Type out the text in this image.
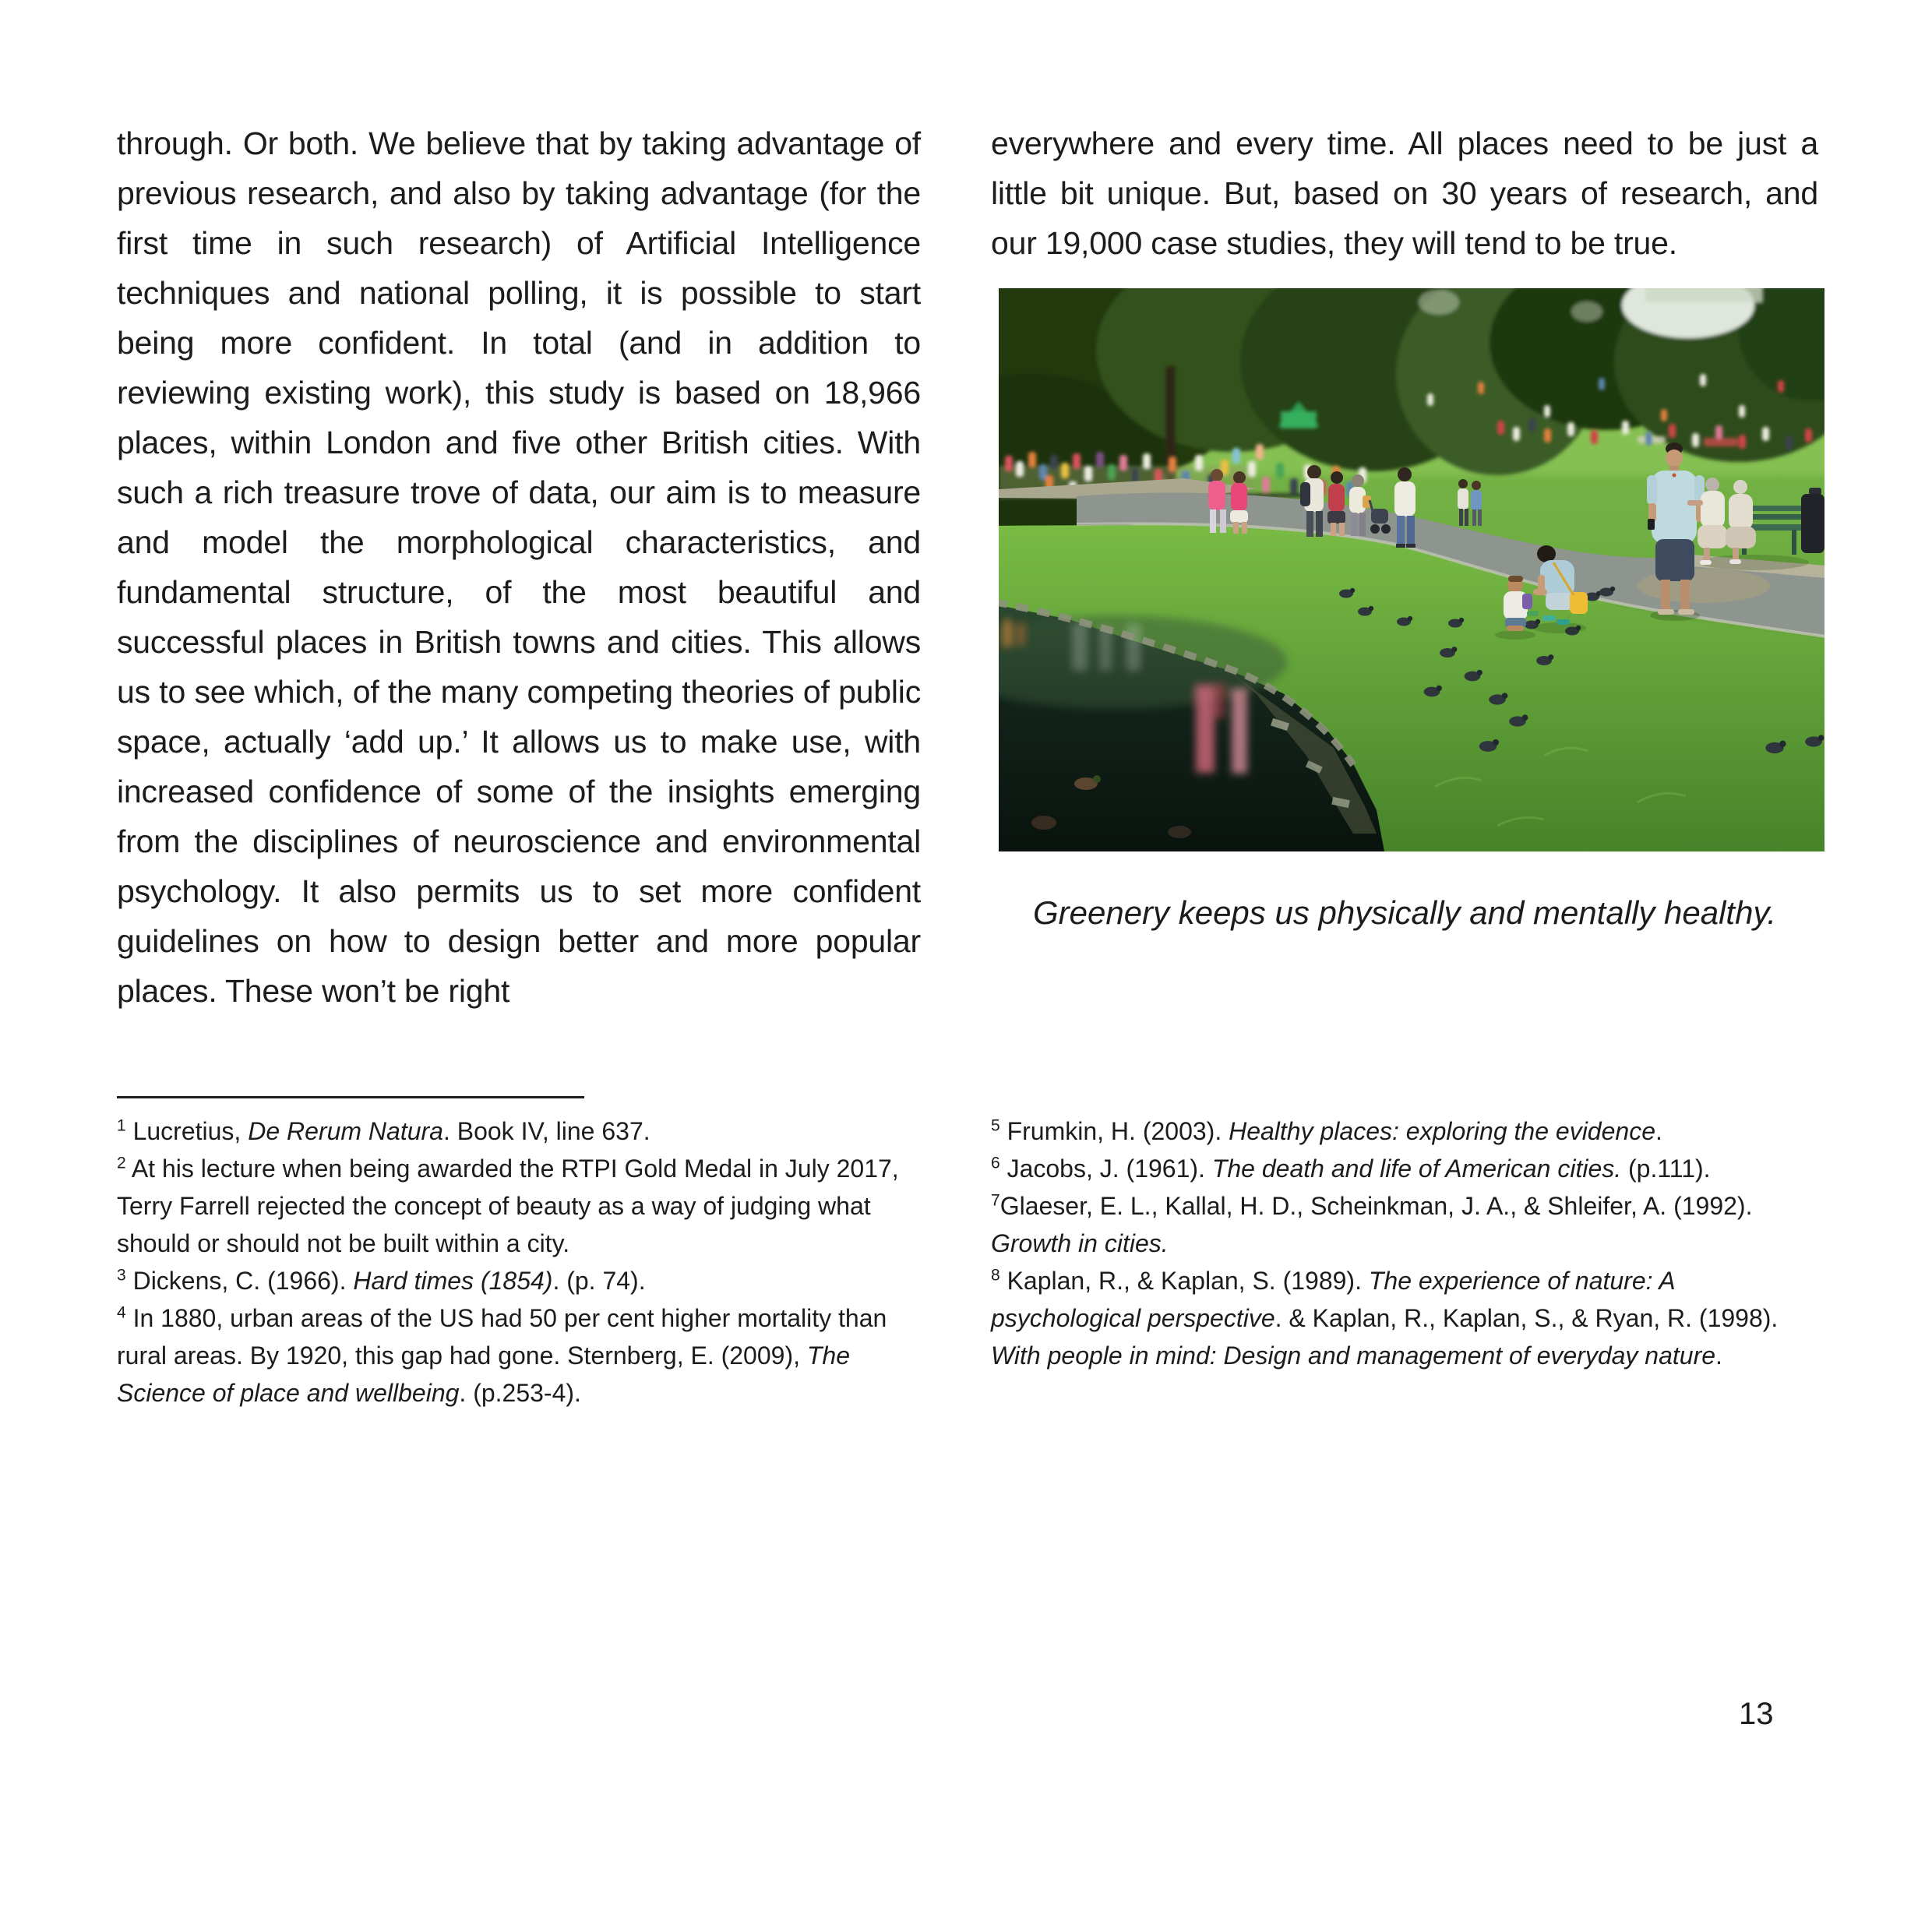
through. Or both. We believe that by taking advantage of previous research, and also by taking advantage (for the first time in such research) of Artificial Intelligence techniques and national polling, it is possible to start being more confident. In total (and in addition to reviewing existing work), this study is based on 18,966 places, within London and five other British cities. With such a rich treasure trove of data, our aim is to measure and model the morphological characteristics, and fundamental structure, of the most beautiful and successful places in British towns and cities. This allows us to see which, of the many competing theories of public space, actually ‘add up.’ It allows us to make use, with increased confidence of some of the insights emerging from the disciplines of neuroscience and environmental psychology. It also permits us to set more confident guidelines on how to design better and more popular places. These won’t be right
everywhere and every time. All places need to be just a little bit unique. But, based on 30 years of research, and our 19,000 case studies, they will tend to be true.
Greenery keeps us physically and mentally healthy.

$^1$ Lucretius, De Rerum Natura. Book IV, line 637.

$^2$ At his lecture when being awarded the RTPI Gold Medal in July 2017, Terry Farrell rejected the concept of beauty as a way of judging what should or should not be built within a city.

$^3$ Dickens, C. (1966). Hard times (1854). (p. 74).

$^4$ In 1880, urban areas of the US had 50 per cent higher mortality than rural areas. By 1920, this gap had gone. Sternberg, E. (2009), The Science of place and wellbeing. (p.253-4).

$^5$ Frumkin, H. (2003). Healthy places: exploring the evidence.

$^6$ Jacobs, J. (1961). The death and life of American cities. (p.111).

$^7$Glaeser, E. L., Kallal, H. D., Scheinkman, J. A., & Shleifer, A. (1992). Growth in cities.

$^8$ Kaplan, R., & Kaplan, S. (1989). The experience of nature: A psychological perspective. & Kaplan, R., Kaplan, S., & Ryan, R. (1998). With people in mind: Design and management of everyday nature.

13
